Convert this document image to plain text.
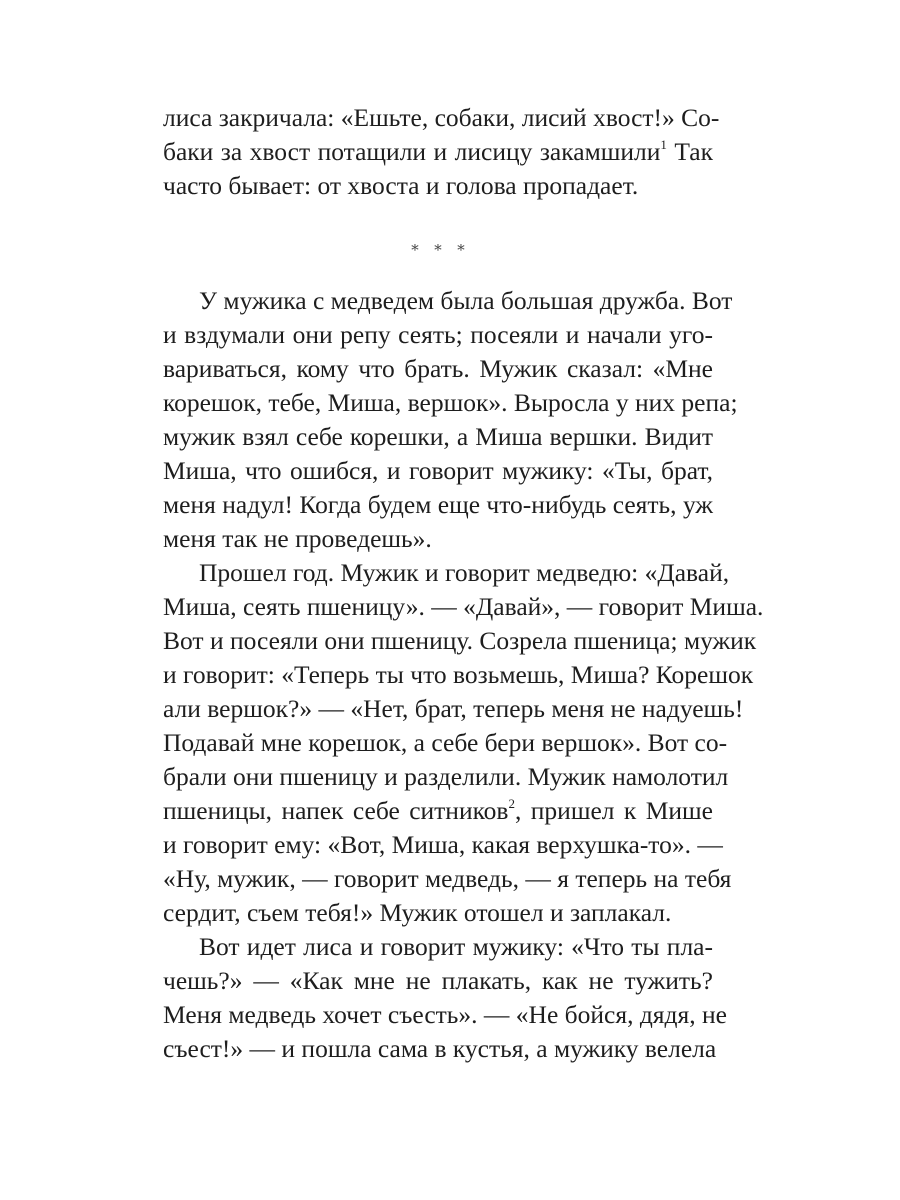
лиса закричала: «Ешьте, собаки, лисий хвост!» Со-
баки за хвост потащили и лисицу закамшили$^1$ Так
часто бывает: от хвоста и голова пропадает.
∗ ∗ ∗
У мужика с медведем была большая дружба. Вот
и вздумали они репу сеять; посеяли и начали уго-
вариваться, кому что брать. Мужик сказал: «Мне
корешок, тебе, Миша, вершок». Выросла у них репа;
мужик взял себе корешки, а Миша вершки. Видит
Миша, что ошибся, и говорит мужику: «Ты, брат,
меня надул! Когда будем еще что-нибудь сеять, уж
меня так не проведешь».
Прошел год. Мужик и говорит медведю: «Давай,
Миша, сеять пшеницу». — «Давай», — говорит Миша.
Вот и посеяли они пшеницу. Созрела пшеница; мужик
и говорит: «Теперь ты что возьмешь, Миша? Корешок
али вершок?» — «Нет, брат, теперь меня не надуешь!
Подавай мне корешок, а себе бери вершок». Вот со-
брали они пшеницу и разделили. Мужик намолотил
пшеницы, напек себе ситников$^2$, пришел к Мише
и говорит ему: «Вот, Миша, какая верхушка-то». —
«Ну, мужик, — говорит медведь, — я теперь на тебя
сердит, съем тебя!» Мужик отошел и заплакал.
Вот идет лиса и говорит мужику: «Что ты пла-
чешь?» — «Как мне не плакать, как не тужить?
Меня медведь хочет съесть». — «Не бойся, дядя, не
съест!» — и пошла сама в кустья, а мужику велела
